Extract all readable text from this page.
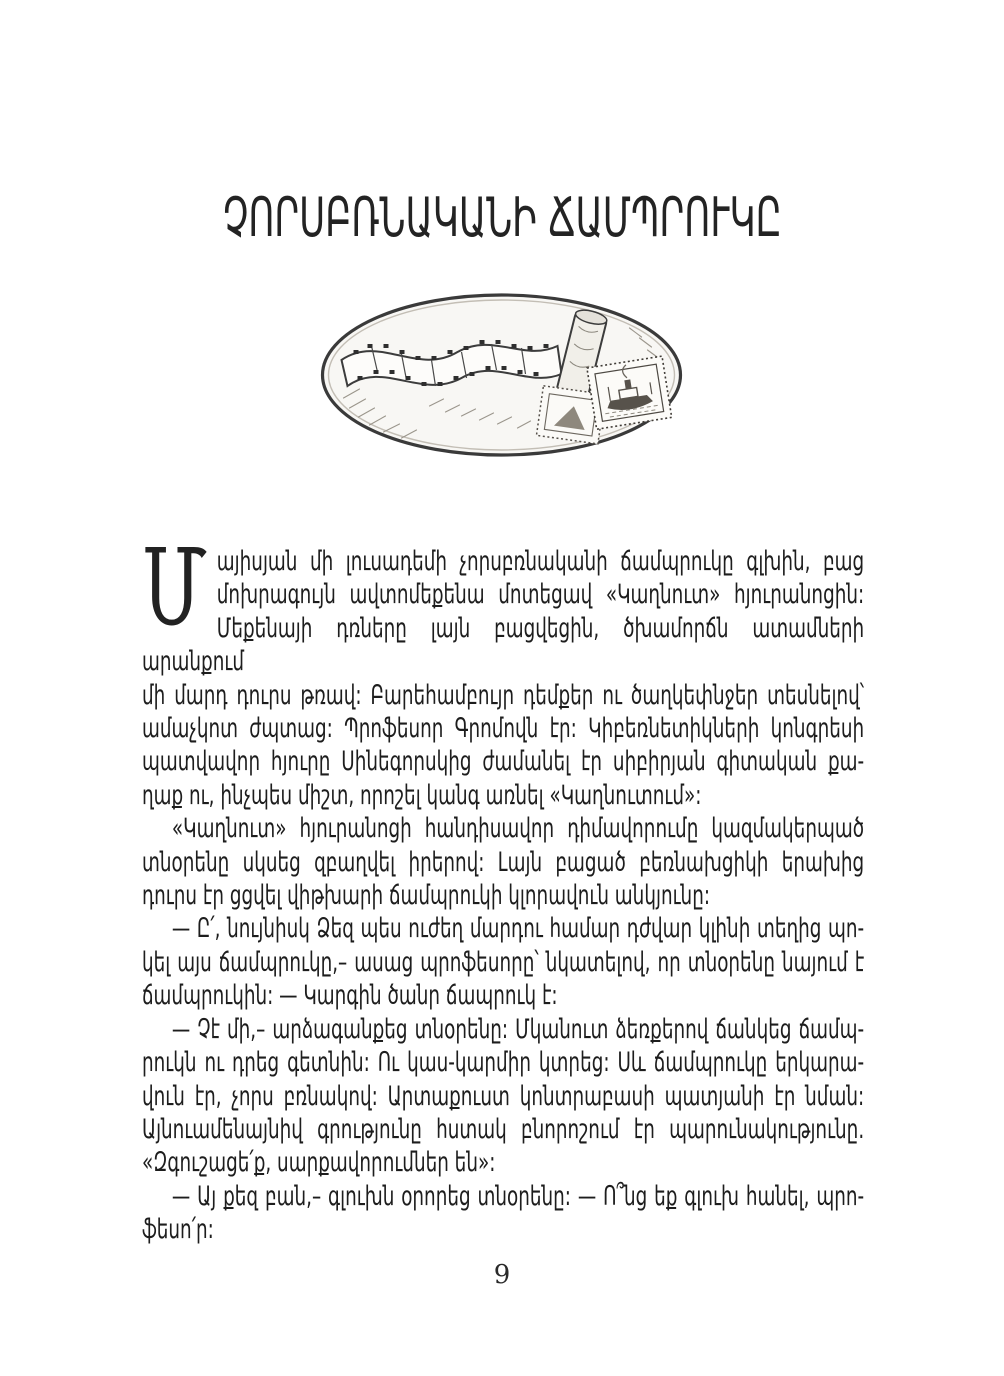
ՉՈՐՍԲՌՆԱԿԱՆԻ ՃԱՄՊՐՈՒԿԸ
Մ այիսյան մի լուսադեմի չորսբռնականի ճամպրուկը գլխին, բաց
մոխրագույն ավտոմեքենա մոտեցավ «Կաղնուտ» հյուրանոցին:
Մեքենայի դռները լայն բացվեցին, ծխամորճն ատամների արանքում
մի մարդ դուրս թռավ: Բարեհամբույր դեմքեր ու ծաղկեփնջեր տեսնելով՝
ամաչկոտ ժպտաց: Պրոֆեսոր Գրոմովն էր: Կիբեռնետիկների կոնգրեսի
պատվավոր հյուրը Սինեգորսկից ժամանել էր սիբիրյան գիտական քա-
ղաք ու, ինչպես միշտ, որոշել կանգ առնել «Կաղնուտում»:
«Կաղնուտ» հյուրանոցի հանդիսավոր դիմավորումը կազմակերպած
տնօրենը սկսեց զբաղվել իրերով: Լայն բացած բեռնախցիկի երախից
դուրս էր ցցվել վիթխարի ճամպրուկի կլորավուն անկյունը:
— Ը՛, նույնիսկ Ձեզ պես ուժեղ մարդու համար դժվար կլինի տեղից պո-
կել այս ճամպրուկը,– ասաց պրոֆեսորը՝ նկատելով, որ տնօրենը նայում է
ճամպրուկին: — Կարգին ծանր ճապրուկ է:
— Չէ մի,– արձագանքեց տնօրենը: Մկանուտ ձեռքերով ճանկեց ճամպ-
րուկն ու դրեց գետնին: Ու կաս-կարմիր կտրեց: Սև ճամպրուկը երկարա-
վուն էր, չորս բռնակով: Արտաքուստ կոնտրաբասի պատյանի էր նման:
Այնուամենայնիվ գրությունը հստակ բնորոշում էր պարունակությունը.
«Զգուշացե՛ք, սարքավորումներ են»:
— Այ քեզ բան,– գլուխն օրորեց տնօրենը: — Ո՞նց եք գլուխ հանել, պրո-
ֆեսո՛ր:
9
